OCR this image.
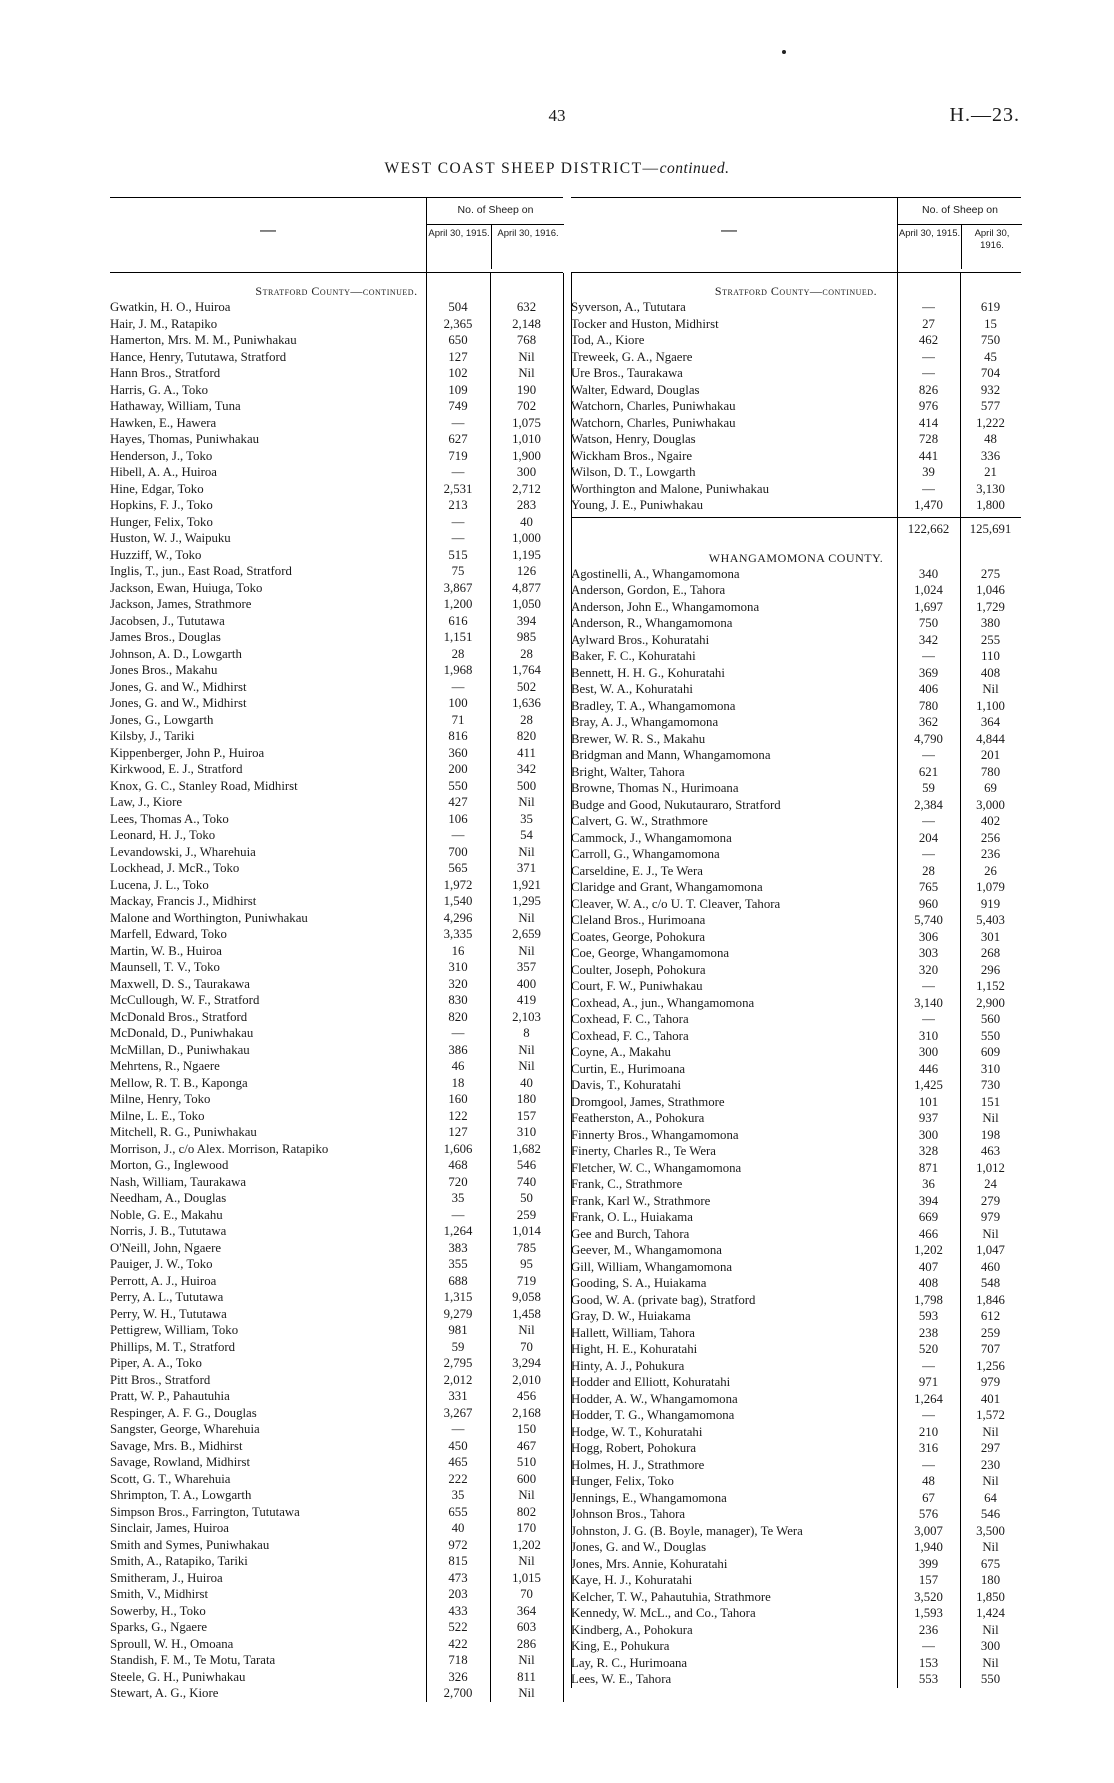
43	H.—23.
WEST COAST SHEEP DISTRICT—continued.
—
No. of Sheep on
April 30, 1915. April 30, 1916.
Stratford County—continued.
Gwatkin, H. O., Huiroa	504	632
Hair, J. M., Ratapiko	2,365	2,148
Hamerton, Mrs. M. M., Puniwhakau	650	768
Hance, Henry, Tututawa, Stratford	127	Nil
Hann Bros., Stratford	102	Nil
Harris, G. A., Toko	109	190
Hathaway, William, Tuna	749	702
Hawken, E., Hawera	—	1,075
Hayes, Thomas, Puniwhakau	627	1,010
Henderson, J., Toko	719	1,900
Hibell, A. A., Huiroa	—	300
Hine, Edgar, Toko	2,531	2,712
Hopkins, F. J., Toko	213	283
Hunger, Felix, Toko	—	40
Huston, W. J., Waipuku	—	1,000
Huzziff, W., Toko	515	1,195
Inglis, T., jun., East Road, Stratford	75	126
Jackson, Ewan, Huiuga, Toko	3,867	4,877
Jackson, James, Strathmore	1,200	1,050
Jacobsen, J., Tututawa	616	394
James Bros., Douglas	1,151	985
Johnson, A. D., Lowgarth	28	28
Jones Bros., Makahu	1,968	1,764
Jones, G. and W., Midhirst	—	502
Jones, G. and W., Midhirst	100	1,636
Jones, G., Lowgarth	71	28
Kilsby, J., Tariki	816	820
Kippenberger, John P., Huiroa	360	411
Kirkwood, E. J., Stratford	200	342
Knox, G. C., Stanley Road, Midhirst	550	500
Law, J., Kiore	427	Nil
Lees, Thomas A., Toko	106	35
Leonard, H. J., Toko	—	54
Levandowski, J., Wharehuia	700	Nil
Lockhead, J. McR., Toko	565	371
Lucena, J. L., Toko	1,972	1,921
Mackay, Francis J., Midhirst	1,540	1,295
Malone and Worthington, Puniwhakau	4,296	Nil
Marfell, Edward, Toko	3,335	2,659
Martin, W. B., Huiroa	16	Nil
Maunsell, T. V., Toko	310	357
Maxwell, D. S., Taurakawa	320	400
McCullough, W. F., Stratford	830	419
McDonald Bros., Stratford	820	2,103
McDonald, D., Puniwhakau	—	8
McMillan, D., Puniwhakau	386	Nil
Mehrtens, R., Ngaere	46	Nil
Mellow, R. T. B., Kaponga	18	40
Milne, Henry, Toko	160	180
Milne, L. E., Toko	122	157
Mitchell, R. G., Puniwhakau	127	310
Morrison, J., c/o Alex. Morrison, Ratapiko	1,606	1,682
Morton, G., Inglewood	468	546
Nash, William, Taurakawa	720	740
Needham, A., Douglas	35	50
Noble, G. E., Makahu	—	259
Norris, J. B., Tututawa	1,264	1,014
O'Neill, John, Ngaere	383	785
Pauiger, J. W., Toko	355	95
Perrott, A. J., Huiroa	688	719
Perry, A. L., Tututawa	1,315	9,058
Perry, W. H., Tututawa	9,279	1,458
Pettigrew, William, Toko	981	Nil
Phillips, M. T., Stratford	59	70
Piper, A. A., Toko	2,795	3,294
Pitt Bros., Stratford	2,012	2,010
Pratt, W. P., Pahautuhia	331	456
Respinger, A. F. G., Douglas	3,267	2,168
Sangster, George, Wharehuia	—	150
Savage, Mrs. B., Midhirst	450	467
Savage, Rowland, Midhirst	465	510
Scott, G. T., Wharehuia	222	600
Shrimpton, T. A., Lowgarth	35	Nil
Simpson Bros., Farrington, Tututawa	655	802
Sinclair, James, Huiroa	40	170
Smith and Symes, Puniwhakau	972	1,202
Smith, A., Ratapiko, Tariki	815	Nil
Smitheram, J., Huiroa	473	1,015
Smith, V., Midhirst	203	70
Sowerby, H., Toko	433	364
Sparks, G., Ngaere	522	603
Sproull, W. H., Omoana	422	286
Standish, F. M., Te Motu, Tarata	718	Nil
Steele, G. H., Puniwhakau	326	811
Stewart, A. G., Kiore	2,700	Nil
—
No. of Sheep on
April 30, 1915.	April 30, 1916.
Stratford County—continued.
Syverson, A., Tututara	—	619
Tocker and Huston, Midhirst	27	15
Tod, A., Kiore	462	750
Treweek, G. A., Ngaere	—	45
Ure Bros., Taurakawa	—	704
Walter, Edward, Douglas	826	932
Watchorn, Charles, Puniwhakau	976	577
Watchorn, Charles, Puniwhakau	414	1,222
Watson, Henry, Douglas	728	48
Wickham Bros., Ngaire	441	336
Wilson, D. T., Lowgarth	39	21
Worthington and Malone, Puniwhakau	—	3,130
Young, J. E., Puniwhakau	1,470	1,800
122,662	125,691
WHANGAMOMONA COUNTY.
Agostinelli, A., Whangamomona	340	275
Anderson, Gordon, E., Tahora	1,024	1,046
Anderson, John E., Whangamomona	1,697	1,729
Anderson, R., Whangamomona	750	380
Aylward Bros., Kohuratahi	342	255
Baker, F. C., Kohuratahi	—	110
Bennett, H. H. G., Kohuratahi	369	408
Best, W. A., Kohuratahi	406	Nil
Bradley, T. A., Whangamomona	780	1,100
Bray, A. J., Whangamomona	362	364
Brewer, W. R. S., Makahu	4,790	4,844
Bridgman and Mann, Whangamomona	—	201
Bright, Walter, Tahora	621	780
Browne, Thomas N., Hurimoana	59	69
Budge and Good, Nukutauraro, Stratford	2,384	3,000
Calvert, G. W., Strathmore	—	402
Cammock, J., Whangamomona	204	256
Carroll, G., Whangamomona	—	236
Carseldine, E. J., Te Wera	28	26
Claridge and Grant, Whangamomona	765	1,079
Cleaver, W. A., c/o U. T. Cleaver, Tahora	960	919
Cleland Bros., Hurimoana	5,740	5,403
Coates, George, Pohokura	306	301
Coe, George, Whangamomona	303	268
Coulter, Joseph, Pohokura	320	296
Court, F. W., Puniwhakau	—	1,152
Coxhead, A., jun., Whangamomona	3,140	2,900
Coxhead, F. C., Tahora	—	560
Coxhead, F. C., Tahora	310	550
Coyne, A., Makahu	300	609
Curtin, E., Hurimoana	446	310
Davis, T., Kohuratahi	1,425	730
Dromgool, James, Strathmore	101	151
Featherston, A., Pohokura	937	Nil
Finnerty Bros., Whangamomona	300	198
Finerty, Charles R., Te Wera	328	463
Fletcher, W. C., Whangamomona	871	1,012
Frank, C., Strathmore	36	24
Frank, Karl W., Strathmore	394	279
Frank, O. L., Huiakama	669	979
Gee and Burch, Tahora	466	Nil
Geever, M., Whangamomona	1,202	1,047
Gill, William, Whangamomona	407	460
Gooding, S. A., Huiakama	408	548
Good, W. A. (private bag), Stratford	1,798	1,846
Gray, D. W., Huiakama	593	612
Hallett, William, Tahora	238	259
Hight, H. E., Kohuratahi	520	707
Hinty, A. J., Pohukura	—	1,256
Hodder and Elliott, Kohuratahi	971	979
Hodder, A. W., Whangamomona	1,264	401
Hodder, T. G., Whangamomona	—	1,572
Hodge, W. T., Kohuratahi	210	Nil
Hogg, Robert, Pohokura	316	297
Holmes, H. J., Strathmore	—	230
Hunger, Felix, Toko	48	Nil
Jennings, E., Whangamomona	67	64
Johnson Bros., Tahora	576	546
Johnston, J. G. (B. Boyle, manager), Te Wera	3,007	3,500
Jones, G. and W., Douglas	1,940	Nil
Jones, Mrs. Annie, Kohuratahi	399	675
Kaye, H. J., Kohuratahi	157	180
Kelcher, T. W., Pahautuhia, Strathmore	3,520	1,850
Kennedy, W. McL., and Co., Tahora	1,593	1,424
Kindberg, A., Pohokura	236	Nil
King, E., Pohukura	—	300
Lay, R. C., Hurimoana	153	Nil
Lees, W. E., Tahora	553	550
